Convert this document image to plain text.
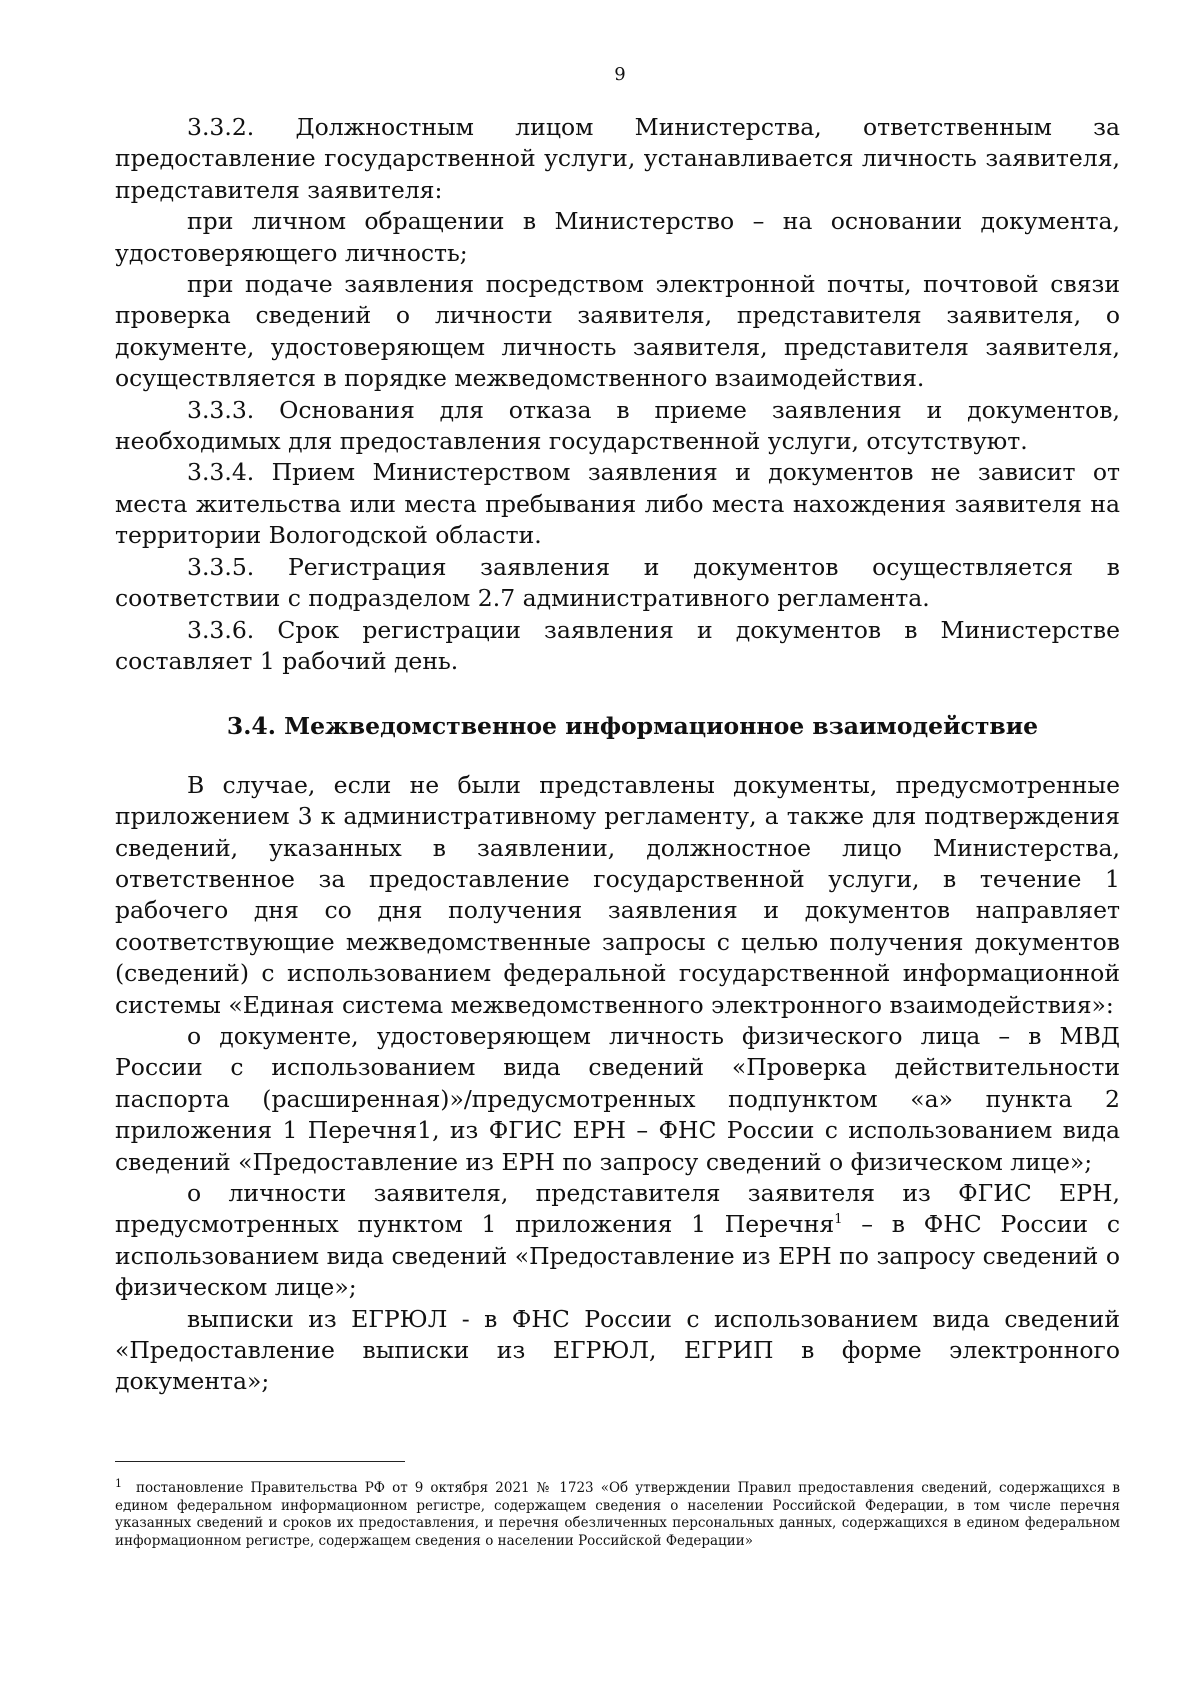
9

3.3.2. Должностным лицом Министерства, ответственным за предоставление государственной услуги, устанавливается личность заявителя, представителя заявителя:

при личном обращении в Министерство – на основании документа, удостоверяющего личность;

при подаче заявления посредством электронной почты, почтовой связи проверка сведений о личности заявителя, представителя заявителя, о документе, удостоверяющем личность заявителя, представителя заявителя, осуществляется в порядке межведомственного взаимодействия.

3.3.3. Основания для отказа в приеме заявления и документов, необходимых для предоставления государственной услуги, отсутствуют.

3.3.4. Прием Министерством заявления и документов не зависит от места жительства или места пребывания либо места нахождения заявителя на территории Вологодской области.

3.3.5. Регистрация заявления и документов осуществляется в соответствии с подразделом 2.7 административного регламента.

3.3.6. Срок регистрации заявления и документов в Министерстве составляет 1 рабочий день.

3.4. Межведомственное информационное взаимодействие

В случае, если не были представлены документы, предусмотренные приложением 3 к административному регламенту, а также для подтверждения сведений, указанных в заявлении, должностное лицо Министерства, ответственное за предоставление государственной услуги, в течение 1 рабочего дня со дня получения заявления и документов направляет соответствующие межведомственные запросы с целью получения документов (сведений) с использованием федеральной государственной информационной системы «Единая система межведомственного электронного взаимодействия»:

о документе, удостоверяющем личность физического лица – в МВД России с использованием вида сведений «Проверка действительности паспорта (расширенная)»/предусмотренных подпунктом «а» пункта 2 приложения 1 Перечня1, из ФГИС ЕРН – ФНС России с использованием вида сведений «Предоставление из ЕРН по запросу сведений о физическом лице»;

о личности заявителя, представителя заявителя из ФГИС ЕРН, предусмотренных пунктом 1 приложения 1 Перечня$^1$ – в ФНС России с использованием вида сведений «Предоставление из ЕРН по запросу сведений о физическом лице»;

выписки из ЕГРЮЛ - в ФНС России с использованием вида сведений «Предоставление выписки из ЕГРЮЛ, ЕГРИП в форме электронного документа»;

$^1$ постановление Правительства РФ от 9 октября 2021 № 1723 «Об утверждении Правил предоставления сведений, содержащихся в едином федеральном информационном регистре, содержащем сведения о населении Российской Федерации, в том числе перечня указанных сведений и сроков их предоставления, и перечня обезличенных персональных данных, содержащихся в едином федеральном информационном регистре, содержащем сведения о населении Российской Федерации»
